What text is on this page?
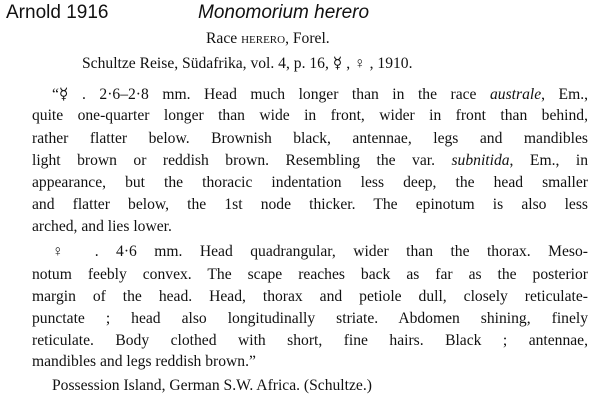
Arnold 1916	Monomorium herero
Race herero, Forel.
Schultze Reise, Südafrika, vol. 4, p. 16, ☿ , ♀ , 1910.
“☿ . 2·6–2·8 mm. Head much longer than in the race australe, Em.,
quite one-quarter longer than wide in front, wider in front than behind,
rather flatter below. Brownish black, antennae, legs and mandibles
light brown or reddish brown. Resembling the var. subnitida, Em., in
appearance, but the thoracic indentation less deep, the head smaller
and flatter below, the 1st node thicker. The epinotum is also less
arched, and lies lower.
♀ . 4·6 mm. Head quadrangular, wider than the thorax. Meso-
notum feebly convex. The scape reaches back as far as the posterior
margin of the head. Head, thorax and petiole dull, closely reticulate-
punctate ; head also longitudinally striate. Abdomen shining, finely
reticulate. Body clothed with short, fine hairs. Black ; antennae,
mandibles and legs reddish brown.”
Possession Island, German S.W. Africa. (Schultze.)
